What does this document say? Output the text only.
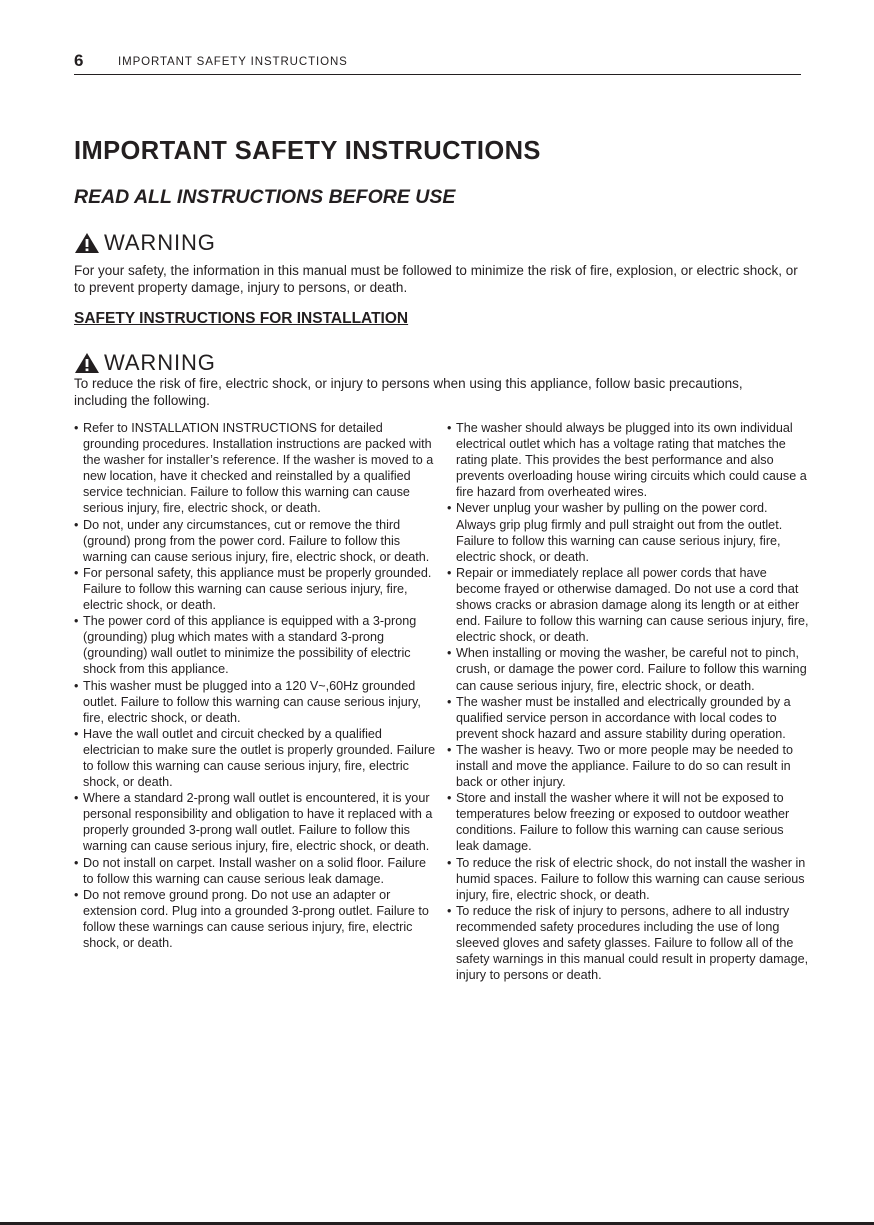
6	IMPORTANT SAFETY INSTRUCTIONS
IMPORTANT SAFETY INSTRUCTIONS
READ ALL INSTRUCTIONS BEFORE USE
WARNING

For your safety, the information in this manual must be followed to minimize the risk of fire, explosion, or electric shock, or to prevent property damage, injury to persons, or death.

SAFETY INSTRUCTIONS FOR INSTALLATION
WARNING

To reduce the risk of fire, electric shock, or injury to persons when using this appliance, follow basic precautions, including the following.

• Refer to INSTALLATION INSTRUCTIONS for detailed grounding procedures. Installation instructions are packed with the washer for installer’s reference. If the washer is moved to a new location, have it checked and reinstalled by a qualified service technician. Failure to follow this warning can cause serious injury, fire, electric shock, or death.
• Do not, under any circumstances, cut or remove the third (ground) prong from the power cord. Failure to follow this warning can cause serious injury, fire, electric shock, or death.
• For personal safety, this appliance must be properly grounded. Failure to follow this warning can cause serious injury, fire, electric shock, or death.
• The power cord of this appliance is equipped with a 3-prong (grounding) plug which mates with a standard 3-prong (grounding) wall outlet to minimize the possibility of electric shock from this appliance.
• This washer must be plugged into a 120 V~,60Hz grounded outlet. Failure to follow this warning can cause serious injury, fire, electric shock, or death.
• Have the wall outlet and circuit checked by a qualified electrician to make sure the outlet is properly grounded. Failure to follow this warning can cause serious injury, fire, electric shock, or death.
• Where a standard 2-prong wall outlet is encountered, it is your personal responsibility and obligation to have it replaced with a properly grounded 3-prong wall outlet. Failure to follow this warning can cause serious injury, fire, electric shock, or death.
• Do not install on carpet. Install washer on a solid floor. Failure to follow this warning can cause serious leak damage.
• Do not remove ground prong. Do not use an adapter or extension cord. Plug into a grounded 3-prong outlet. Failure to follow these warnings can cause serious injury, fire, electric shock, or death.
• The washer should always be plugged into its own individual electrical outlet which has a voltage rating that matches the rating plate. This provides the best performance and also prevents overloading house wiring circuits which could cause a fire hazard from overheated wires.
• Never unplug your washer by pulling on the power cord. Always grip plug firmly and pull straight out from the outlet. Failure to follow this warning can cause serious injury, fire, electric shock, or death.
• Repair or immediately replace all power cords that have become frayed or otherwise damaged. Do not use a cord that shows cracks or abrasion damage along its length or at either end. Failure to follow this warning can cause serious injury, fire, electric shock, or death.
• When installing or moving the washer, be careful not to pinch, crush, or damage the power cord. Failure to follow this warning can cause serious injury, fire, electric shock, or death.
• The washer must be installed and electrically grounded by a qualified service person in accordance with local codes to prevent shock hazard and assure stability during operation.
• The washer is heavy. Two or more people may be needed to install and move the appliance. Failure to do so can result in back or other injury.
• Store and install the washer where it will not be exposed to temperatures below freezing or exposed to outdoor weather conditions. Failure to follow this warning can cause serious leak damage.
• To reduce the risk of electric shock, do not install the washer in humid spaces. Failure to follow this warning can cause serious injury, fire, electric shock, or death.
• To reduce the risk of injury to persons, adhere to all industry recommended safety procedures including the use of long sleeved gloves and safety glasses. Failure to follow all of the safety warnings in this manual could result in property damage, injury to persons or death.
